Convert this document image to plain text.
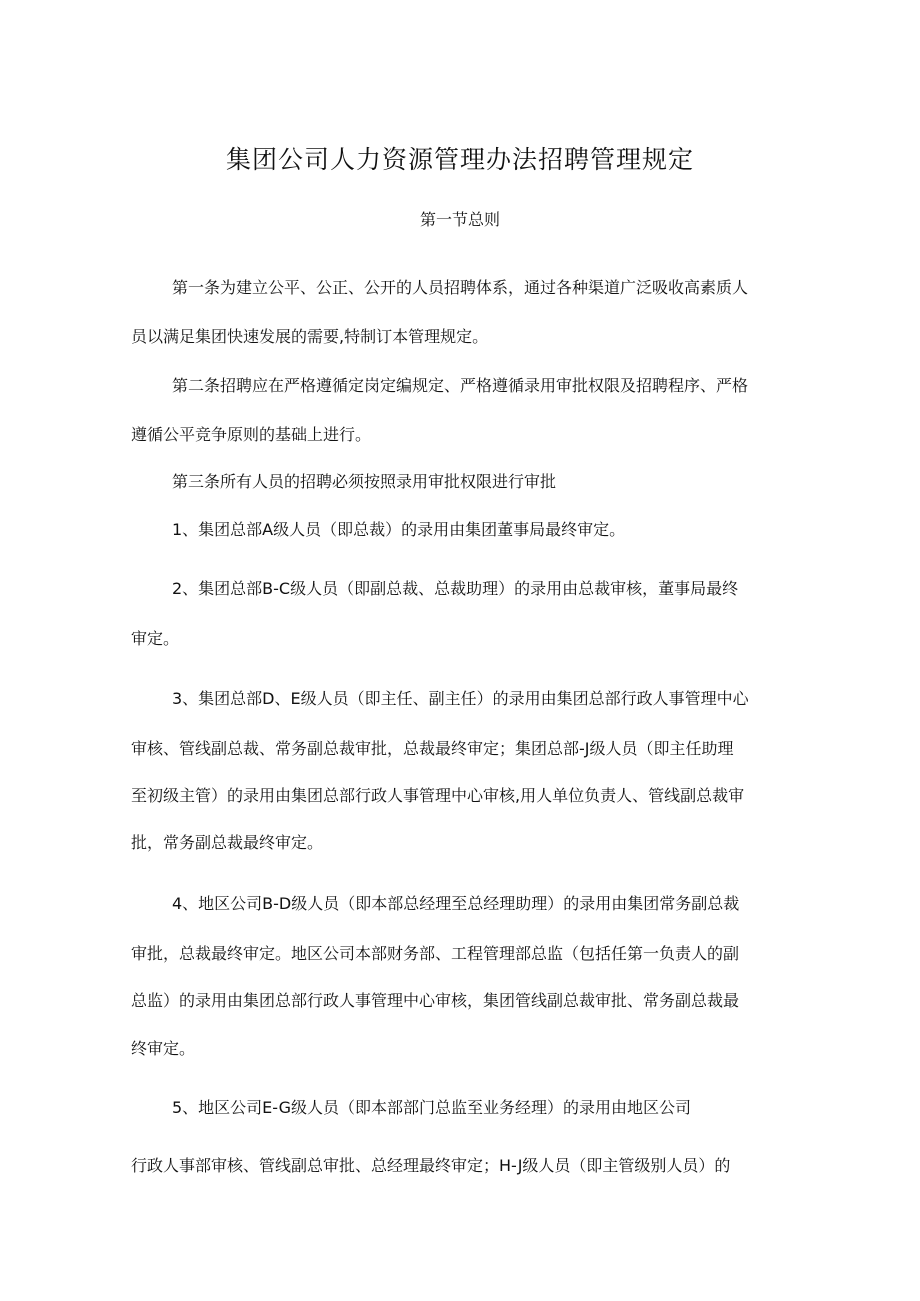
集团公司人力资源管理办法招聘管理规定
第一节总则
第一条为建立公平、公正、公开的人员招聘体系，通过各种渠道广泛吸收高素质人
员以满足集团快速发展的需要,特制订本管理规定。
第二条招聘应在严格遵循定岗定编规定、严格遵循录用审批权限及招聘程序、严格
遵循公平竞争原则的基础上进行。
第三条所有人员的招聘必须按照录用审批权限进行审批
1、集团总部A级人员（即总裁）的录用由集团董事局最终审定。
2、集团总部B-C级人员（即副总裁、总裁助理）的录用由总裁审核，董事局最终
审定。
3、集团总部D、E级人员（即主任、副主任）的录用由集团总部行政人事管理中心
审核、管线副总裁、常务副总裁审批，总裁最终审定；集团总部-J级人员（即主任助理
至初级主管）的录用由集团总部行政人事管理中心审核,用人单位负责人、管线副总裁审
批，常务副总裁最终审定。
4、地区公司B-D级人员（即本部总经理至总经理助理）的录用由集团常务副总裁
审批，总裁最终审定。地区公司本部财务部、工程管理部总监（包括任第一负责人的副
总监）的录用由集团总部行政人事管理中心审核，集团管线副总裁审批、常务副总裁最
终审定。
5、地区公司E-G级人员（即本部部门总监至业务经理）的录用由地区公司
行政人事部审核、管线副总审批、总经理最终审定；H-J级人员（即主管级别人员）的
